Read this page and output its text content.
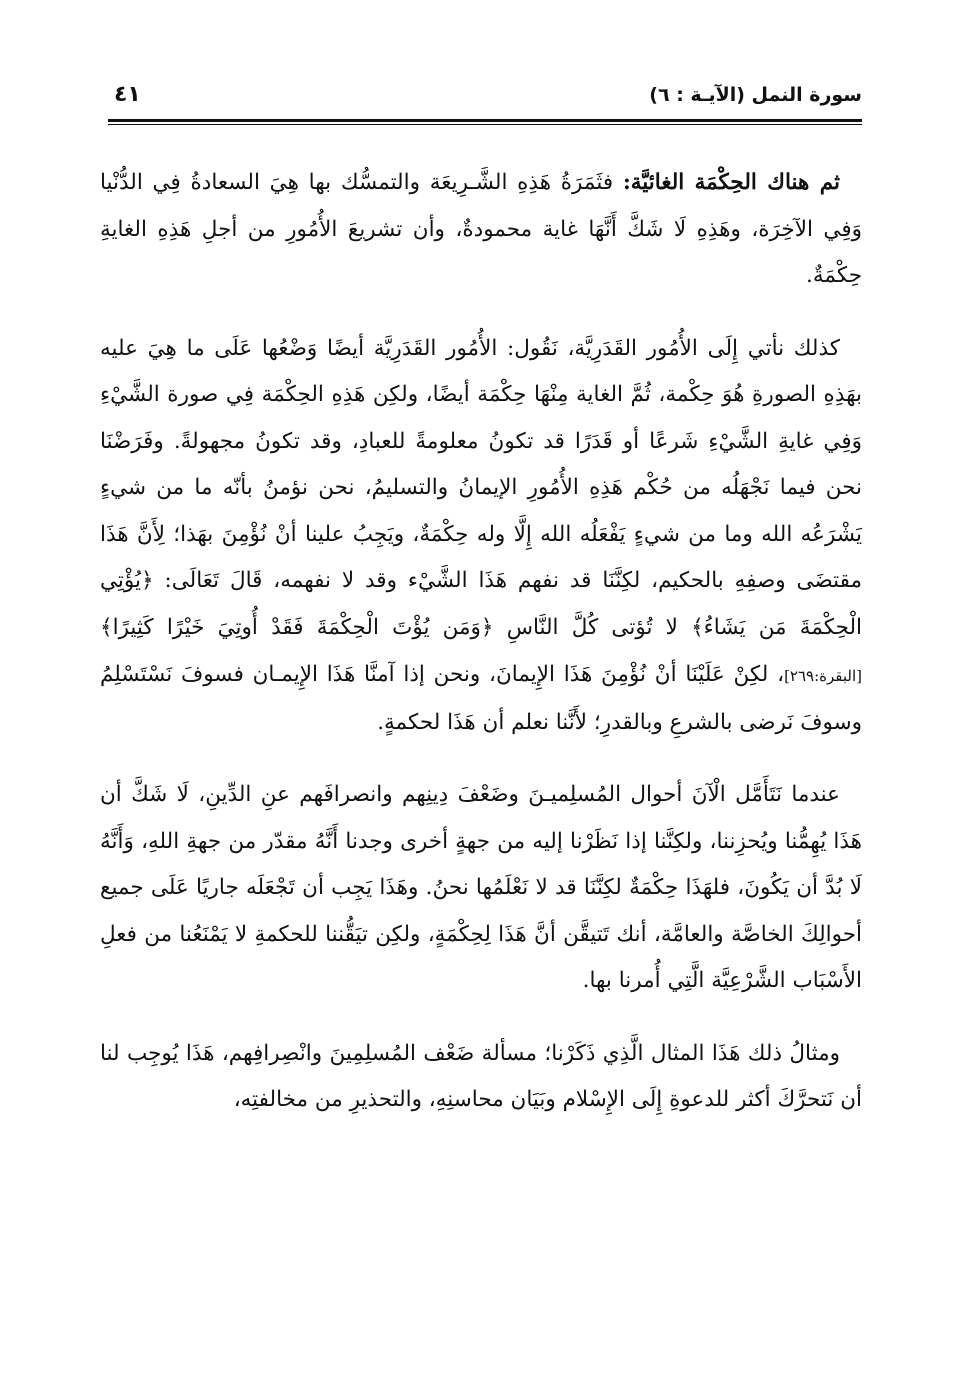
سورة النمل (الآيـة : ٦)
٤١

ثم هناك الحِكْمَة الغائيَّة: فثَمَرَةُ هَذِهِ الشَّـرِيعَة والتمسُّك بها هِيَ السعادةُ فِي الدُّنْيا وَفِي الآخِرَة، وهَذِهِ لَا شَكَّ أَنَّهَا غاية محمودةٌ، وأن تشريعَ الأُمُورِ من أجلِ هَذِهِ الغايةِ حِكْمَةٌ.

كذلك نأتي إِلَى الأُمُور القَدَرِيَّة، نَقُول: الأُمُور القَدَرِيَّة أيضًا وَضْعُها عَلَى ما هِيَ عليه بهَذِهِ الصورةِ هُوَ حِكْمة، ثُمَّ الغاية مِنْهَا حِكْمَة أيضًا، ولكِن هَذِهِ الحِكْمَة فِي صورة الشَّيْءِ وَفِي غايةِ الشَّيْءِ شَرعًا أو قَدَرًا قد تكونُ معلومةً للعبادِ، وقد تكونُ مجهولةً. وفَرَضْنَا نحن فيما نَجْهَلُه من حُكْم هَذِهِ الأُمُورِ الإيمانُ والتسليمُ، نحن نؤمنُ بأنّه ما من شيءٍ يَشْرَعُه الله وما من شيءٍ يَفْعَلُه الله إِلَّا وله حِكْمَةٌ، ويَجِبُ علينا أنْ نُؤْمِنَ بهَذا؛ لِأَنَّ هَذَا مقتضَى وصفِهِ بالحكيم، لكِنَّنَا قد نفهم هَذَا الشَّيْء وقد لا نفهمه، قَالَ تَعَالَى: ﴿يُؤْتِي الْحِكْمَةَ مَن يَشَاءُ﴾ لا تُؤتى كُلَّ النَّاسِ ﴿وَمَن يُؤْتَ الْحِكْمَةَ فَقَدْ أُوتِيَ خَيْرًا كَثِيرًا﴾ [البقرة:٢٦٩]، لكِنْ عَلَيْنَا أنْ نُؤْمِنَ هَذَا الإِيمانَ، ونحن إذا آمنَّا هَذَا الإِيمـان فسوفَ نَسْتَسْلِمُ وسوفَ نَرضى بالشرعِ وبالقدرِ؛ لأَنَّنا نعلم أن هَذَا لحكمةٍ.

عندما نَتَأَمَّل الْآنَ أحوال المُسلِميـنَ وضَعْفَ دِينِهم وانصرافَهم عنِ الدِّينِ، لَا شَكَّ أن هَذَا يُهِمُّنا ويُحزِننا، ولكِنَّنا إذا نَظَرْنا إليه من جهةٍ أخرى وجدنا أَنَّهُ مقدّر من جهةِ اللهِ، وَأَنَّهُ لَا بُدَّ أن يَكُونَ، فلهَذَا حِكْمَةٌ لكِنَّنَا قد لا نَعْلَمُها نحنُ. وهَذَا يَجِب أن تَجْعَلَه جاريًا عَلَى جميع أحوالِكَ الخاصَّة والعامَّة، أنك تَتيقَّن أنَّ هَذَا لِحِكْمَةٍ، ولكِن تيَقُّننا للحكمةِ لا يَمْنَعُنا من فعلِ الأَسْبَاب الشَّرْعِيَّة الَّتِي أُمرنا بها.

ومثالُ ذلك هَذَا المثال الَّذِي ذَكَرْنا؛ مسألة ضَعْف المُسلِمِينَ وانْصِرافِهم، هَذَا يُوجِب لنا أن نَتحرَّكَ أكثر للدعوةِ إِلَى الإِسْلام وبَيَان محاسنِهِ، والتحذيرِ من مخالفتِه،
